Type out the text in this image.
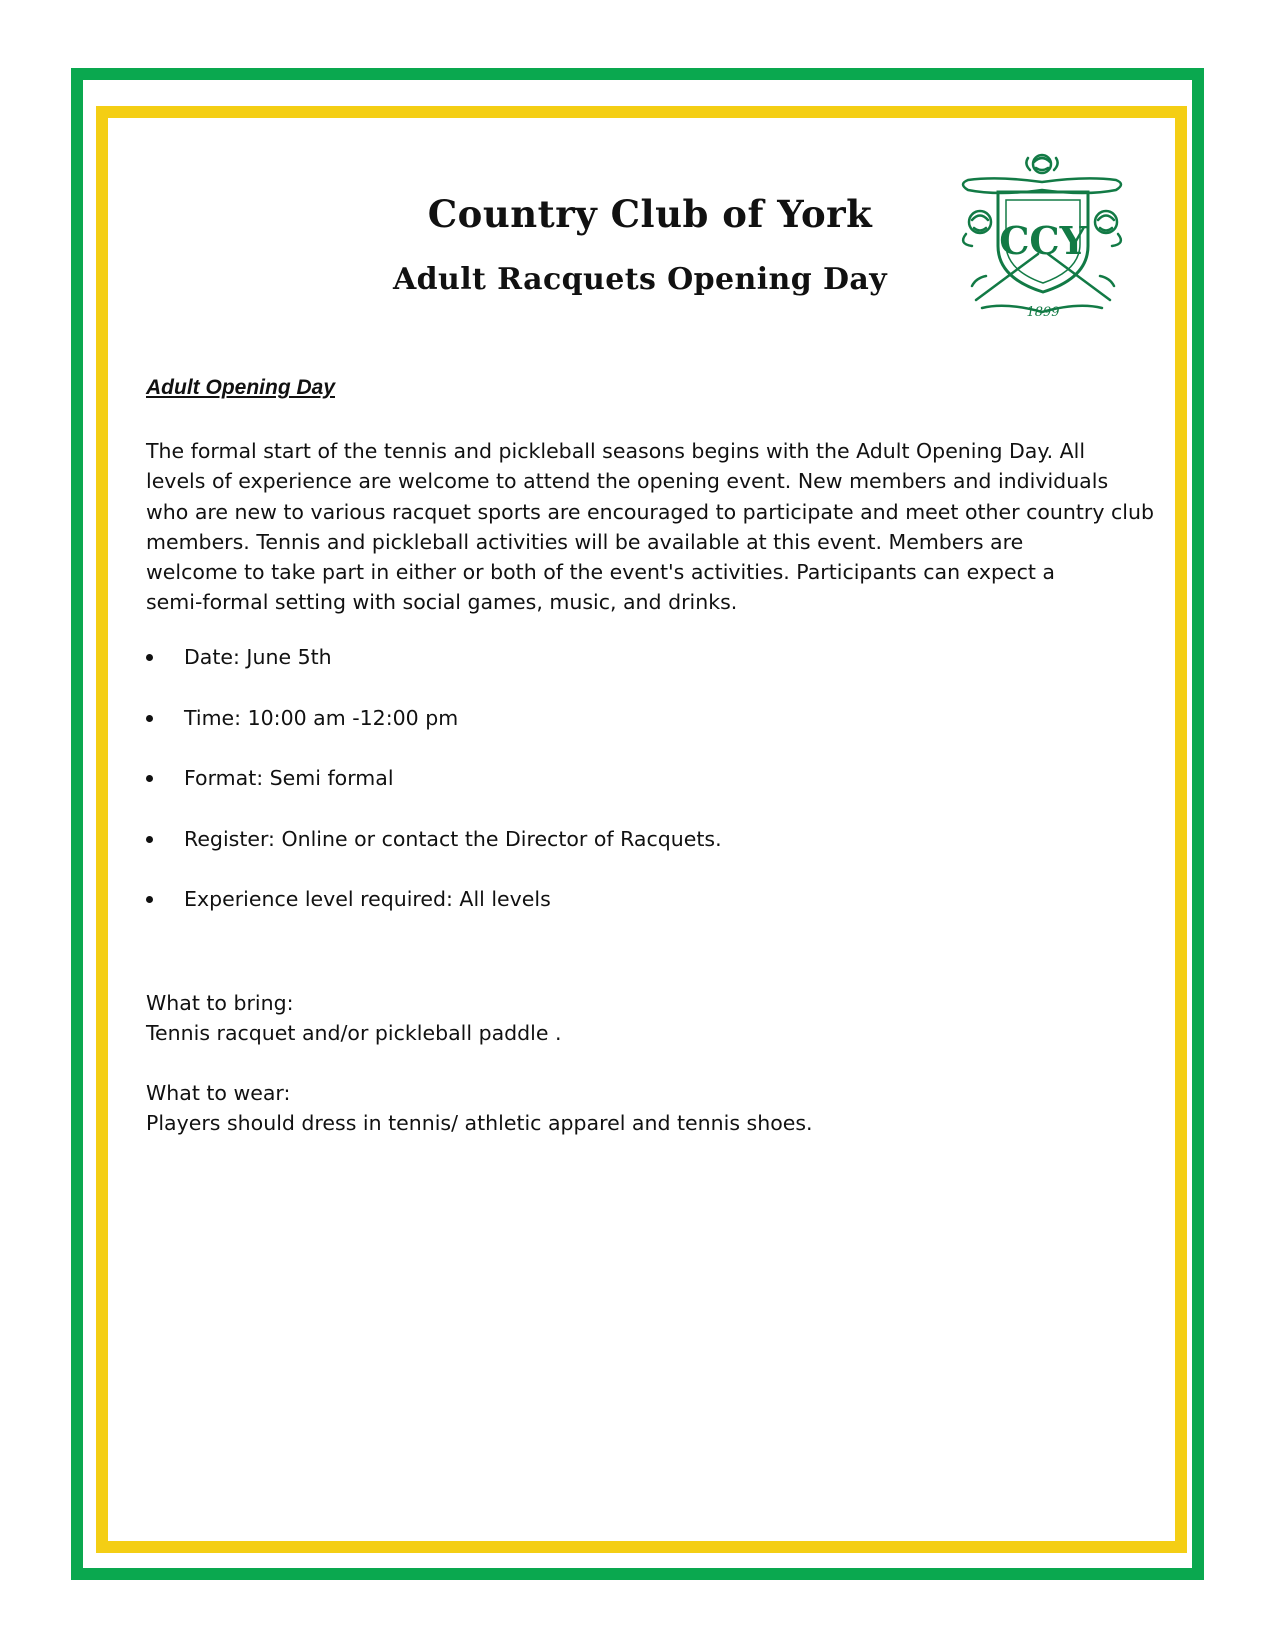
Country Club of York
Adult Racquets Opening Day
CCY
1899
Adult Opening Day

The formal start of the tennis and pickleball seasons begins with the Adult Opening Day. All
levels of experience are welcome to attend the opening event. New members and individuals
who are new to various racquet sports are encouraged to participate and meet other country club
members. Tennis and pickleball activities will be available at this event. Members are
welcome to take part in either or both of the event's activities. Participants can expect a
semi-formal setting with social games, music, and drinks.

Date: June 5th
Time: 10:00 am -12:00 pm
Format: Semi formal
Register: Online or contact the Director of Racquets.
Experience level required: All levels

What to bring:
Tennis racquet and/or pickleball paddle .

What to wear:
Players should dress in tennis/ athletic apparel and tennis shoes.
